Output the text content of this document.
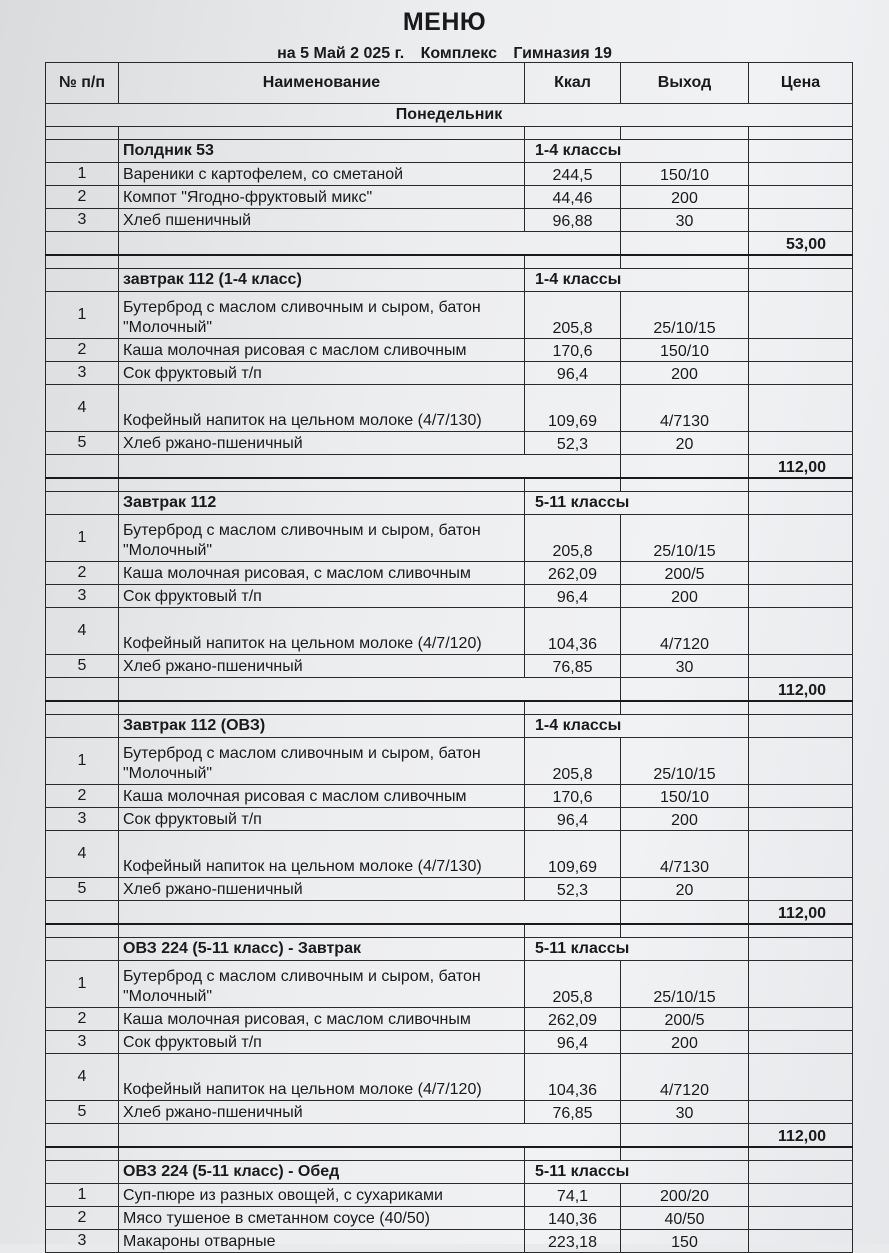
МЕНЮ
на 5 Май 2 025 г. Комплекс Гимназия 19
№ п/п	Наименование	Ккал	Выход	Цена
Понедельник				

	Полдник 53	1-4 классы		
1	Вареники с картофелем, со сметаной	244,5	150/10	
2	Компот "Ягодно-фруктовый микс"	44,46	200	
3	Хлеб пшеничный	96,88	30	
				53,00

	завтрак 112 (1-4 класс)	1-4 классы		
1	Бутерброд с маслом сливочным и сыром, батон "Молочный"	205,8	25/10/15	
2	Каша молочная рисовая с маслом сливочным	170,6	150/10	
3	Сок фруктовый т/п	96,4	200	
4	Кофейный напиток на цельном молоке (4/7/130)	109,69	4/7130	
5	Хлеб ржано-пшеничный	52,3	20	
				112,00

	Завтрак 112	5-11 классы		
1	Бутерброд с маслом сливочным и сыром, батон "Молочный"	205,8	25/10/15	
2	Каша молочная рисовая, с маслом сливочным	262,09	200/5	
3	Сок фруктовый т/п	96,4	200	
4	Кофейный напиток на цельном молоке (4/7/120)	104,36	4/7120	
5	Хлеб ржано-пшеничный	76,85	30	
				112,00

	Завтрак 112 (ОВЗ)	1-4 классы		
1	Бутерброд с маслом сливочным и сыром, батон "Молочный"	205,8	25/10/15	
2	Каша молочная рисовая с маслом сливочным	170,6	150/10	
3	Сок фруктовый т/п	96,4	200	
4	Кофейный напиток на цельном молоке (4/7/130)	109,69	4/7130	
5	Хлеб ржано-пшеничный	52,3	20	
				112,00

	ОВЗ 224 (5-11 класс) - Завтрак	5-11 классы		
1	Бутерброд с маслом сливочным и сыром, батон "Молочный"	205,8	25/10/15	
2	Каша молочная рисовая, с маслом сливочным	262,09	200/5	
3	Сок фруктовый т/п	96,4	200	
4	Кофейный напиток на цельном молоке (4/7/120)	104,36	4/7120	
5	Хлеб ржано-пшеничный	76,85	30	
				112,00

	ОВЗ 224 (5-11 класс) - Обед	5-11 классы		
1	Суп-пюре из разных овощей, с сухариками	74,1	200/20	
2	Мясо тушеное в сметанном соусе (40/50)	140,36	40/50	
3	Макароны отварные	223,18	150	
